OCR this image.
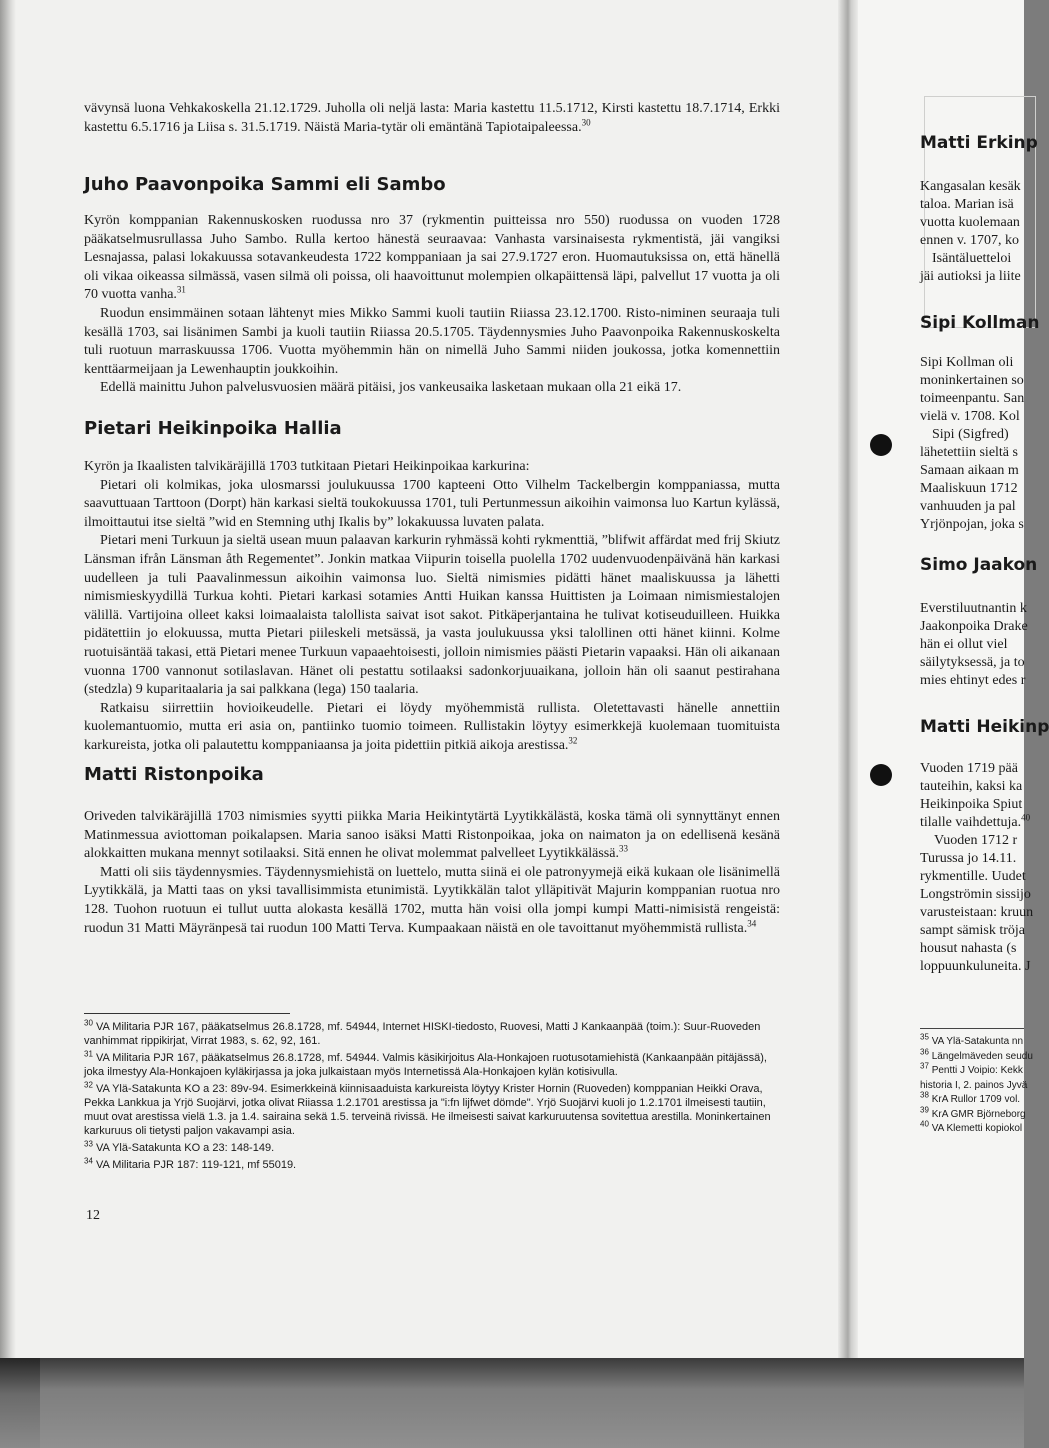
vävynsä luona Vehkakoskella 21.12.1729. Juholla oli neljä lasta: Maria kastettu 11.5.1712, Kirsti kastettu 18.7.1714, Erkki kastettu 6.5.1716 ja Liisa s. 31.5.1719. Näistä Maria-tytär oli emäntänä Tapiotaipaleessa.$^{30}$

Juho Paavonpoika Sammi eli Sambo

Kyrön komppanian Rakennuskosken ruodussa nro 37 (rykmentin puitteissa nro 550) ruodussa on vuoden 1728 pääkatselmusrullassa Juho Sambo. Rulla kertoo hänestä seuraavaa: Vanhasta varsinaisesta rykmentistä, jäi vangiksi Lesnajassa, palasi lokakuussa sotavankeudesta 1722 komppaniaan ja sai 27.9.1727 eron. Huomautuksissa on, että hänellä oli vikaa oikeassa silmässä, vasen silmä oli poissa, oli haavoittunut molempien olkapäittensä läpi, palvellut 17 vuotta ja oli 70 vuotta vanha.$^{31}$

Ruodun ensimmäinen sotaan lähtenyt mies Mikko Sammi kuoli tautiin Riiassa 23.12.1700. Risto-niminen seuraaja tuli kesällä 1703, sai lisänimen Sambi ja kuoli tautiin Riiassa 20.5.1705. Täydennysmies Juho Paavonpoika Rakennuskoskelta tuli ruotuun marraskuussa 1706. Vuotta myöhemmin hän on nimellä Juho Sammi niiden joukossa, jotka komennettiin kenttäarmeijaan ja Lewenhauptin joukkoihin.

Edellä mainittu Juhon palvelusvuosien määrä pitäisi, jos vankeusaika lasketaan mukaan olla 21 eikä 17.

Pietari Heikinpoika Hallia

Kyrön ja Ikaalisten talvikäräjillä 1703 tutkitaan Pietari Heikinpoikaa karkurina:

Pietari oli kolmikas, joka ulosmarssi joulukuussa 1700 kapteeni Otto Vilhelm Tackelbergin komppaniassa, mutta saavuttuaan Tarttoon (Dorpt) hän karkasi sieltä toukokuussa 1701, tuli Pertunmessun aikoihin vaimonsa luo Kartun kylässä, ilmoittautui itse sieltä ”wid en Stemning uthj Ikalis by” lokakuussa luvaten palata.

Pietari meni Turkuun ja sieltä usean muun palaavan karkurin ryhmässä kohti rykmenttiä, ”blifwit affärdat med frij Skiutz Länsman ifrån Länsman åth Regementet”. Jonkin matkaa Viipurin toisella puolella 1702 uudenvuodenpäivänä hän karkasi uudelleen ja tuli Paavalinmessun aikoihin vaimonsa luo. Sieltä nimismies pidätti hänet maaliskuussa ja lähetti nimismieskyydillä Turkua kohti. Pietari karkasi sotamies Antti Huikan kanssa Huittisten ja Loimaan nimismiestalojen välillä. Vartijoina olleet kaksi loimaalaista talollista saivat isot sakot. Pitkäperjantaina he tulivat kotiseuduilleen. Huikka pidätettiin jo elokuussa, mutta Pietari piileskeli metsässä, ja vasta joulukuussa yksi talollinen otti hänet kiinni. Kolme ruotuisäntää takasi, että Pietari menee Turkuun vapaaehtoisesti, jolloin nimismies päästi Pietarin vapaaksi. Hän oli aikanaan vuonna 1700 vannonut sotilaslavan. Hänet oli pestattu sotilaaksi sadonkorjuuaikana, jolloin hän oli saanut pestirahana (stedzla) 9 kuparitaalaria ja sai palkkana (lega) 150 taalaria.

Ratkaisu siirrettiin hovioikeudelle. Pietari ei löydy myöhemmistä rullista. Oletettavasti hänelle annettiin kuolemantuomio, mutta eri asia on, pantiinko tuomio toimeen. Rullistakin löytyy esimerkkejä kuolemaan tuomituista karkureista, jotka oli palautettu komppaniaansa ja joita pidettiin pitkiä aikoja arestissa.$^{32}$

Matti Ristonpoika

Oriveden talvikäräjillä 1703 nimismies syytti piikka Maria Heikintytärtä Lyytikkälästä, koska tämä oli synnyttänyt ennen Matinmessua aviottoman poikalapsen. Maria sanoo isäksi Matti Ristonpoikaa, joka on naimaton ja on edellisenä kesänä alokkaitten mukana mennyt sotilaaksi. Sitä ennen he olivat molemmat palvelleet Lyytikkälässä.$^{33}$

Matti oli siis täydennysmies. Täydennysmiehistä on luettelo, mutta siinä ei ole patronyymejä eikä kukaan ole lisänimellä Lyytikkälä, ja Matti taas on yksi tavallisimmista etunimistä. Lyytikkälän talot ylläpitivät Majurin komppanian ruotua nro 128. Tuohon ruotuun ei tullut uutta alokasta kesällä 1702, mutta hän voisi olla jompi kumpi Matti-nimisistä rengeistä: ruodun 31 Matti Mäyränpesä tai ruodun 100 Matti Terva. Kumpaakaan näistä en ole tavoittanut myöhemmistä rullista.$^{34}$

$^{30}$ VA Militaria PJR 167, pääkatselmus 26.8.1728, mf. 54944, Internet HISKI-tiedosto, Ruovesi, Matti J Kankaanpää (toim.): Suur-Ruoveden vanhimmat rippikirjat, Virrat 1983, s. 62, 92, 161.

$^{31}$ VA Militaria PJR 167, pääkatselmus 26.8.1728, mf. 54944. Valmis käsikirjoitus Ala-Honkajoen ruotusotamiehistä (Kankaanpään pitäjässä), joka ilmestyy Ala-Honkajoen kyläkirjassa ja joka julkaistaan myös Internetissä Ala-Honkajoen kylän kotisivulla.

$^{32}$ VA Ylä-Satakunta KO a 23: 89v-94. Esimerkkeinä kiinnisaaduista karkureista löytyy Krister Hornin (Ruoveden) komppanian Heikki Orava, Pekka Lankkua ja Yrjö Suojärvi, jotka olivat Riiassa 1.2.1701 arestissa ja "i:fn lijfwet dömde". Yrjö Suojärvi kuoli jo 1.2.1701 ilmeisesti tautiin, muut ovat arestissa vielä 1.3. ja 1.4. sairaina sekä 1.5. terveinä rivissä. He ilmeisesti saivat karkuruutensa sovitettua arestilla. Moninkertainen karkuruus oli tietysti paljon vakavampi asia.

$^{33}$ VA Ylä-Satakunta KO a 23: 148-149.

$^{34}$ VA Militaria PJR 187: 119-121, mf 55019.

12
Matti Erkinp

Kangasalan kesäk

taloa. Marian isä

vuotta kuolemaan

ennen v. 1707, ko

Isäntäluetteloi

jäi autioksi ja liite

Sipi Kollman

Sipi Kollman oli

moninkertainen so

toimeenpantu. San

vielä v. 1708. Kol

Sipi (Sigfred)

lähetettiin sieltä s

Samaan aikaan m

Maaliskuun 1712

vanhuuden ja pal

Yrjönpojan, joka s

Simo Jaakon

Everstiluutnantin k

Jaakonpoika Drake

hän ei ollut viel

säilytyksessä, ja to

mies ehtinyt edes r

Matti Heikinp

Vuoden 1719 pää

tauteihin, kaksi ka

Heikinpoika Spiut

tilalle vaihdettuja.$^{40}$

Vuoden 1712 r

Turussa jo 14.11.

rykmentille. Uudet

Longströmin sissijo

varusteistaan: kruun

sampt sämisk tröja

housut nahasta (s

loppuunkuluneita. J

$^{35}$ VA Ylä-Satakunta nn
$^{36}$ Längelmäveden seudu
$^{37}$ Pentti J Voipio: Kekk
historia I, 2. painos Jyvä
$^{38}$ KrA Rullor 1709 vol.
$^{39}$ KrA GMR Björneborg
$^{40}$ VA Klemetti kopiokol
